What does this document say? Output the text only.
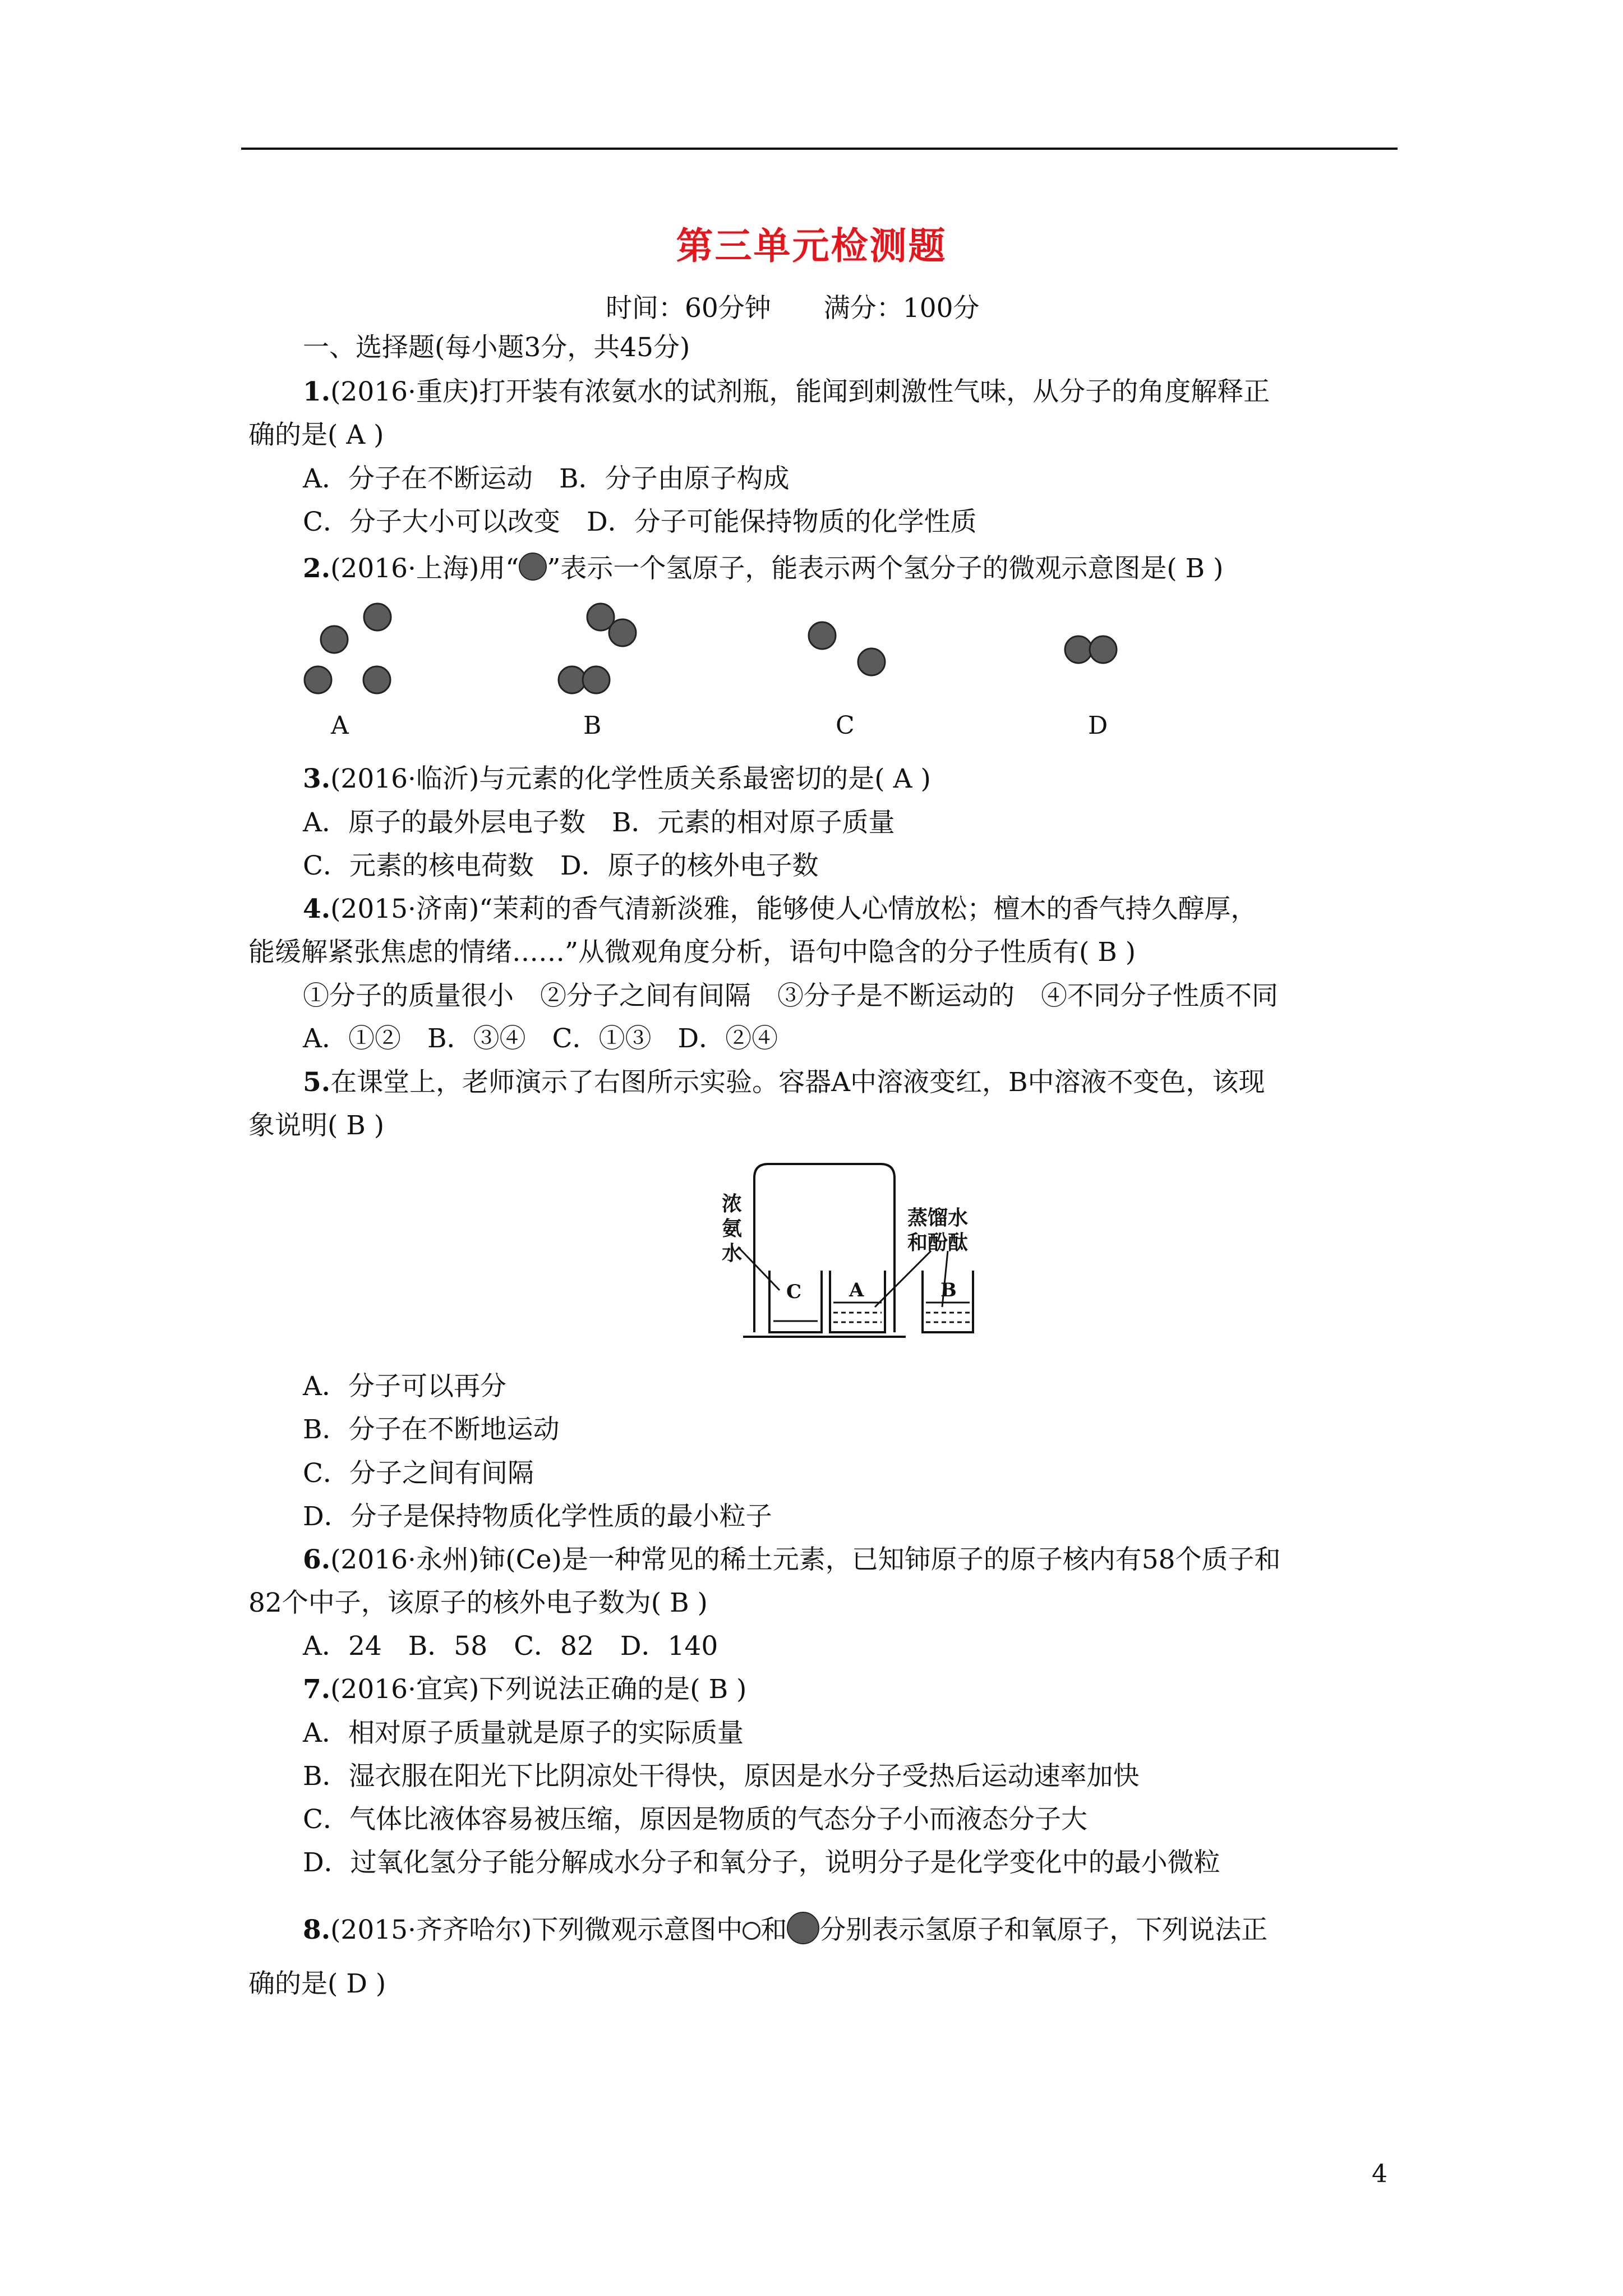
第三单元检测题
时间：60分钟　　满分：100分
一、选择题(每小题3分，共45分)
1.(2016·重庆)打开装有浓氨水的试剂瓶，能闻到刺激性气味，从分子的角度解释正
确的是( A )
A．分子在不断运动　B．分子由原子构成
C．分子大小可以改变　D．分子可能保持物质的化学性质
2.(2016·上海)用“ ”表示一个氢原子，能表示两个氢分子的微观示意图是( B )
A	B	C	D
3.(2016·临沂)与元素的化学性质关系最密切的是( A )
A．原子的最外层电子数　B．元素的相对原子质量
C．元素的核电荷数　D．原子的核外电子数
4.(2015·济南)“茉莉的香气清新淡雅，能够使人心情放松；檀木的香气持久醇厚，
能缓解紧张焦虑的情绪……”从微观角度分析，语句中隐含的分子性质有( B )
①分子的质量很小　②分子之间有间隔　③分子是不断运动的　④不同分子性质不同
A．①②　B．③④　C．①③　D．②④
5.在课堂上，老师演示了右图所示实验。容器A中溶液变红，B中溶液不变色，该现
象说明( B )
浓
氨
水
蒸馏水
和酚酞
C A	B
A．分子可以再分
B．分子在不断地运动
C．分子之间有间隔
D．分子是保持物质化学性质的最小粒子
6.(2016·永州)铈(Ce)是一种常见的稀土元素，已知铈原子的原子核内有58个质子和
82个中子，该原子的核外电子数为( B )
A．24　B．58　C．82　D．140
7.(2016·宜宾)下列说法正确的是( B )
A．相对原子质量就是原子的实际质量
B．湿衣服在阳光下比阴凉处干得快，原因是水分子受热后运动速率加快
C．气体比液体容易被压缩，原因是物质的气态分子小而液态分子大
D．过氧化氢分子能分解成水分子和氧分子，说明分子是化学变化中的最小微粒
8.(2015·齐齐哈尔)下列微观示意图中 和 分别表示氢原子和氧原子，下列说法正
确的是( D )
4
